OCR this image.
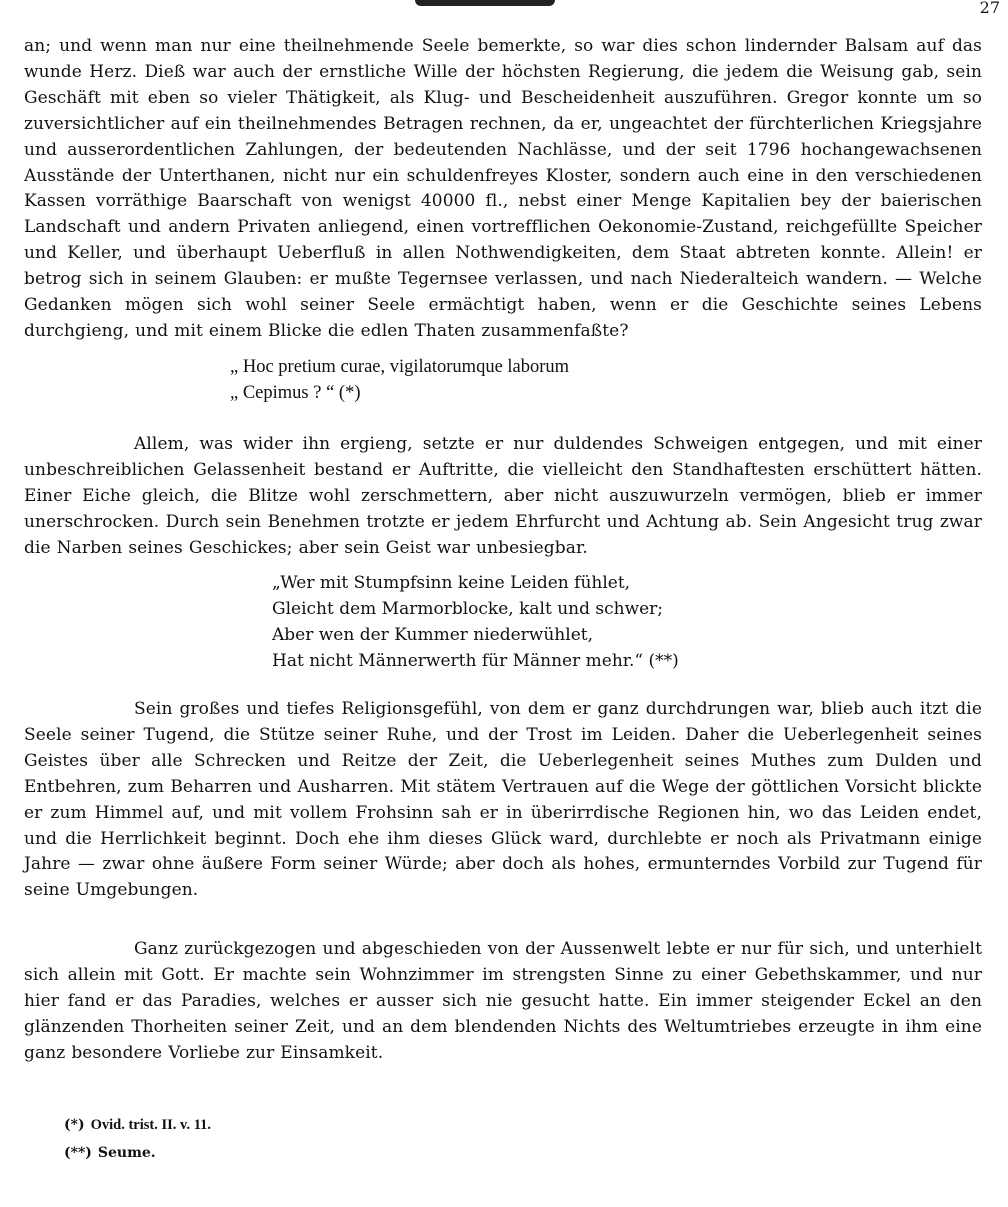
27

an; und wenn man nur eine theilnehmende Seele bemerkte, so war dies schon lindernder Balsam auf das wunde Herz. Dieß war auch der ernstliche Wille der höchsten Regierung, die jedem die Weisung gab, sein Geschäft mit eben so vieler Thätigkeit, als Klug- und Bescheidenheit auszuführen. Gregor konnte um so zuversichtlicher auf ein theilnehmendes Betragen rechnen, da er, ungeachtet der fürchterlichen Kriegsjahre und ausserordentlichen Zahlungen, der bedeutenden Nachlässe, und der seit 1796 hochangewachsenen Ausstände der Unterthanen, nicht nur ein schuldenfreyes Kloster, sondern auch eine in den verschiedenen Kassen vorräthige Baarschaft von wenigst 40000 fl., nebst einer Menge Kapitalien bey der baierischen Landschaft und andern Privaten anliegend, einen vortrefflichen Oekonomie-Zustand, reichgefüllte Speicher und Keller, und überhaupt Ueberfluß in allen Nothwendigkeiten, dem Staat abtreten konnte. Allein! er betrog sich in seinem Glauben: er mußte Tegernsee verlassen, und nach Niederalteich wandern. — Welche Gedanken mögen sich wohl seiner Seele ermächtigt haben, wenn er die Geschichte seines Lebens durchgieng, und mit einem Blicke die edlen Thaten zusammenfaßte?

„ Hoc pretium curae, vigilatorumque laborum
„ Cepimus ? “ (*)

Allem, was wider ihn ergieng, setzte er nur duldendes Schweigen entgegen, und mit einer unbeschreiblichen Gelassenheit bestand er Auftritte, die vielleicht den Standhaftesten erschüttert hätten. Einer Eiche gleich, die Blitze wohl zerschmettern, aber nicht auszuwurzeln vermögen, blieb er immer unerschrocken. Durch sein Benehmen trotzte er jedem Ehrfurcht und Achtung ab. Sein Angesicht trug zwar die Narben seines Geschickes; aber sein Geist war unbesiegbar.

„Wer mit Stumpfsinn keine Leiden fühlet,
Gleicht dem Marmorblocke, kalt und schwer;
Aber wen der Kummer niederwühlet,
Hat nicht Männerwerth für Männer mehr.“ (**)

Sein großes und tiefes Religionsgefühl, von dem er ganz durchdrungen war, blieb auch itzt die Seele seiner Tugend, die Stütze seiner Ruhe, und der Trost im Leiden. Daher die Ueberlegenheit seines Geistes über alle Schrecken und Reitze der Zeit, die Ueberlegenheit seines Muthes zum Dulden und Entbehren, zum Beharren und Ausharren. Mit stätem Vertrauen auf die Wege der göttlichen Vorsicht blickte er zum Himmel auf, und mit vollem Frohsinn sah er in überirrdische Regionen hin, wo das Leiden endet, und die Herrlichkeit beginnt. Doch ehe ihm dieses Glück ward, durchlebte er noch als Privatmann einige Jahre — zwar ohne äußere Form seiner Würde; aber doch als hohes, ermunterndes Vorbild zur Tugend für seine Umgebungen.

Ganz zurückgezogen und abgeschieden von der Aussenwelt lebte er nur für sich, und unterhielt sich allein mit Gott. Er machte sein Wohnzimmer im strengsten Sinne zu einer Gebethskammer, und nur hier fand er das Paradies, welches er ausser sich nie gesucht hatte. Ein immer steigender Eckel an den glänzenden Thorheiten seiner Zeit, und an dem blendenden Nichts des Weltumtriebes erzeugte in ihm eine ganz besondere Vorliebe zur Einsamkeit.

(*) Ovid. trist. II. v. 11.
(**) Seume.
